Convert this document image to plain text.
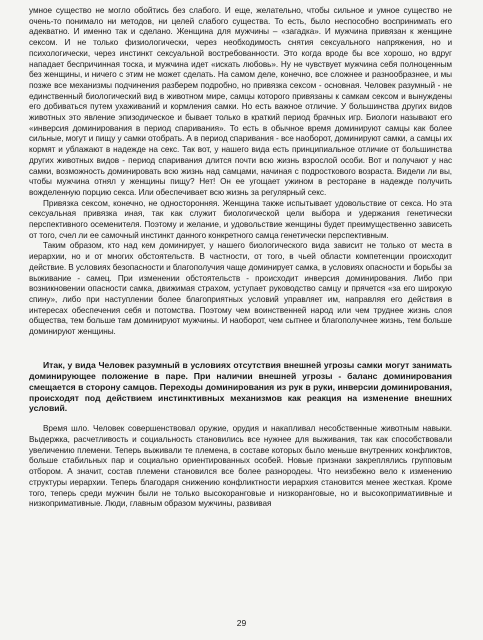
умное существо не могло обойтись без слабого. И еще, желательно, чтобы сильное и умное существо не очень-то понимало ни методов, ни целей слабого существа. То есть, было неспособно воспринимать его адекватно. И именно так и сделано. Женщина для мужчины – «загадка». И мужчина привязан к женщине сексом. И не только физиологически, через необходимость снятия сексуального напряжения, но и психологически, через инстинкт сексуальной востребованности. Это когда вроде бы все хорошо, но вдруг нападает беспричинная тоска, и мужчина идет «искать любовь». Ну не чувствует мужчина себя полноценным без женщины, и ничего с этим не может сделать. На самом деле, конечно, все сложнее и разнообразнее, и мы позже все механизмы подчинения разберем подробно, но привязка сексом - основная. Человек разумный - не единственный биологический вид в животном мире, самцы которого привязаны к самкам сексом и вынуждены его добиваться путем ухаживаний и кормления самки. Но есть важное отличие. У большинства других видов животных это явление эпизодическое и бывает только в краткий период брачных игр. Биологи называют его «инверсия доминирования в период спаривания». То есть в обычное время доминируют самцы как более сильные, могут и пищу у самки отобрать. А в период спаривания - все наоборот, доминируют самки, а самцы их кормят и ублажают в надежде на секс. Так вот, у нашего вида есть принципиальное отличие от большинства других животных видов - период спаривания длится почти всю жизнь взрослой особи. Вот и получают у нас самки, возможность доминировать всю жизнь над самцами, начиная с подросткового возраста. Видели ли вы, чтобы мужчина отнял у женщины пищу? Нет! Он ее угощает ужином в ресторане в надежде получить вожделенную порцию секса. Или обеспечивает всю жизнь за регулярный секс.

Привязка сексом, конечно, не односторонняя. Женщина также испытывает удовольствие от секса. Но эта сексуальная привязка иная, так как служит биологической цели выбора и удержания генетически перспективного осеменителя. Поэтому и желание, и удовольствие женщины будет преимущественно зависеть от того, счел ли ее самочный инстинкт данного конкретного самца генетически перспективным.

Таким образом, кто над кем доминирует, у нашего биологического вида зависит не только от места в иерархии, но и от многих обстоятельств. В частности, от того, в чьей области компетенции происходит действие. В условиях безопасности и благополучия чаще доминирует самка, в условиях опасности и борьбы за выживание - самец. При изменении обстоятельств - происходит инверсия доминирования. Либо при возникновении опасности самка, движимая страхом, уступает руководство самцу и прячется «за его широкую спину», либо при наступлении более благоприятных условий управляет им, направляя его действия в интересах обеспечения себя и потомства. Поэтому чем воинственней народ или чем труднее жизнь слоя общества, тем больше там доминируют мужчины. И наоборот, чем сытнее и благополучнее жизнь, тем больше доминируют женщины.

Итак, у вида Человек разумный в условиях отсутствия внешней угрозы самки могут занимать доминирующее положение в паре. При наличии внешней угрозы - баланс доминирования смещается в сторону самцов. Переходы доминирования из рук в руки, инверсии доминирования, происходят под действием инстинктивных механизмов как реакция на изменение внешних условий.

Время шло. Человек совершенствовал оружие, орудия и накапливал несобственные животным навыки. Выдержка, расчетливость и социальность становились все нужнее для выживания, так как способствовали увеличению племени. Теперь выживали те племена, в составе которых было меньше внутренних конфликтов, больше стабильных пар и социально ориентированных особей. Новые признаки закреплялись групповым отбором. А значит, состав племени становился все более разнородеы. Что неизбежно вело к изменению структуры иерархии. Теперь благодаря снижению конфликтности иерархия становится менее жесткая. Кроме того, теперь среди мужчин были не только высокоранговые и низкоранговые, но и высокоприматиивные и низкопримативные. Люди, главным образом мужчины, развивая

29
